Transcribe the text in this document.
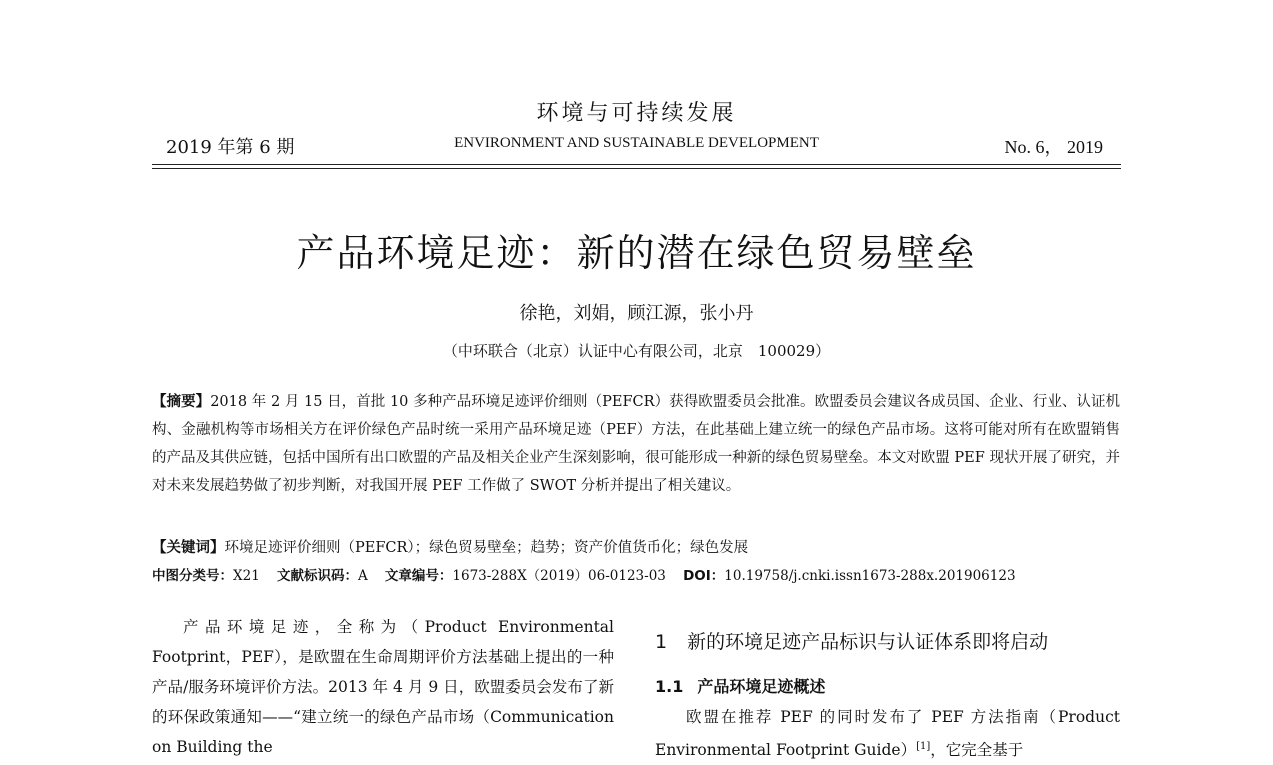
环境与可持续发展
2019 年第 6 期	ENVIRONMENT AND SUSTAINABLE DEVELOPMENT	No. 6， 2019
产品环境足迹：新的潜在绿色贸易壁垒
徐艳，刘娟，顾江源，张小丹
（中环联合（北京）认证中心有限公司，北京　100029）
【摘要】2018 年 2 月 15 日，首批 10 多种产品环境足迹评价细则（PEFCR）获得欧盟委员会批准。欧盟委员会建议各成员国、企业、行业、认证机构、金融机构等市场相关方在评价绿色产品时统一采用产品环境足迹（PEF）方法，在此基础上建立统一的绿色产品市场。这将可能对所有在欧盟销售的产品及其供应链，包括中国所有出口欧盟的产品及相关企业产生深刻影响，很可能形成一种新的绿色贸易壁垒。本文对欧盟 PEF 现状开展了研究，并对未来发展趋势做了初步判断，对我国开展 PEF 工作做了 SWOT 分析并提出了相关建议。
【关键词】环境足迹评价细则（PEFCR）；绿色贸易壁垒；趋势；资产价值货币化；绿色发展
中图分类号：X21 文献标识码：A 文章编号：1673-288X（2019）06-0123-03 DOI：10.19758/j.cnki.issn1673-288x.201906123

产品环境足迹，全称为（Product Environmental Footprint，PEF），是欧盟在生命周期评价方法基础上提出的一种产品/服务环境评价方法。2013 年 4 月 9 日，欧盟委员会发布了新的环保政策通知——“建立统一的绿色产品市场（Communication on Building the

1 新的环境足迹产品标识与认证体系即将启动
1.1 产品环境足迹概述

欧盟在推荐 PEF 的同时发布了 PEF 方法指南（Product Environmental Footprint Guide）[1]，它完全基于
